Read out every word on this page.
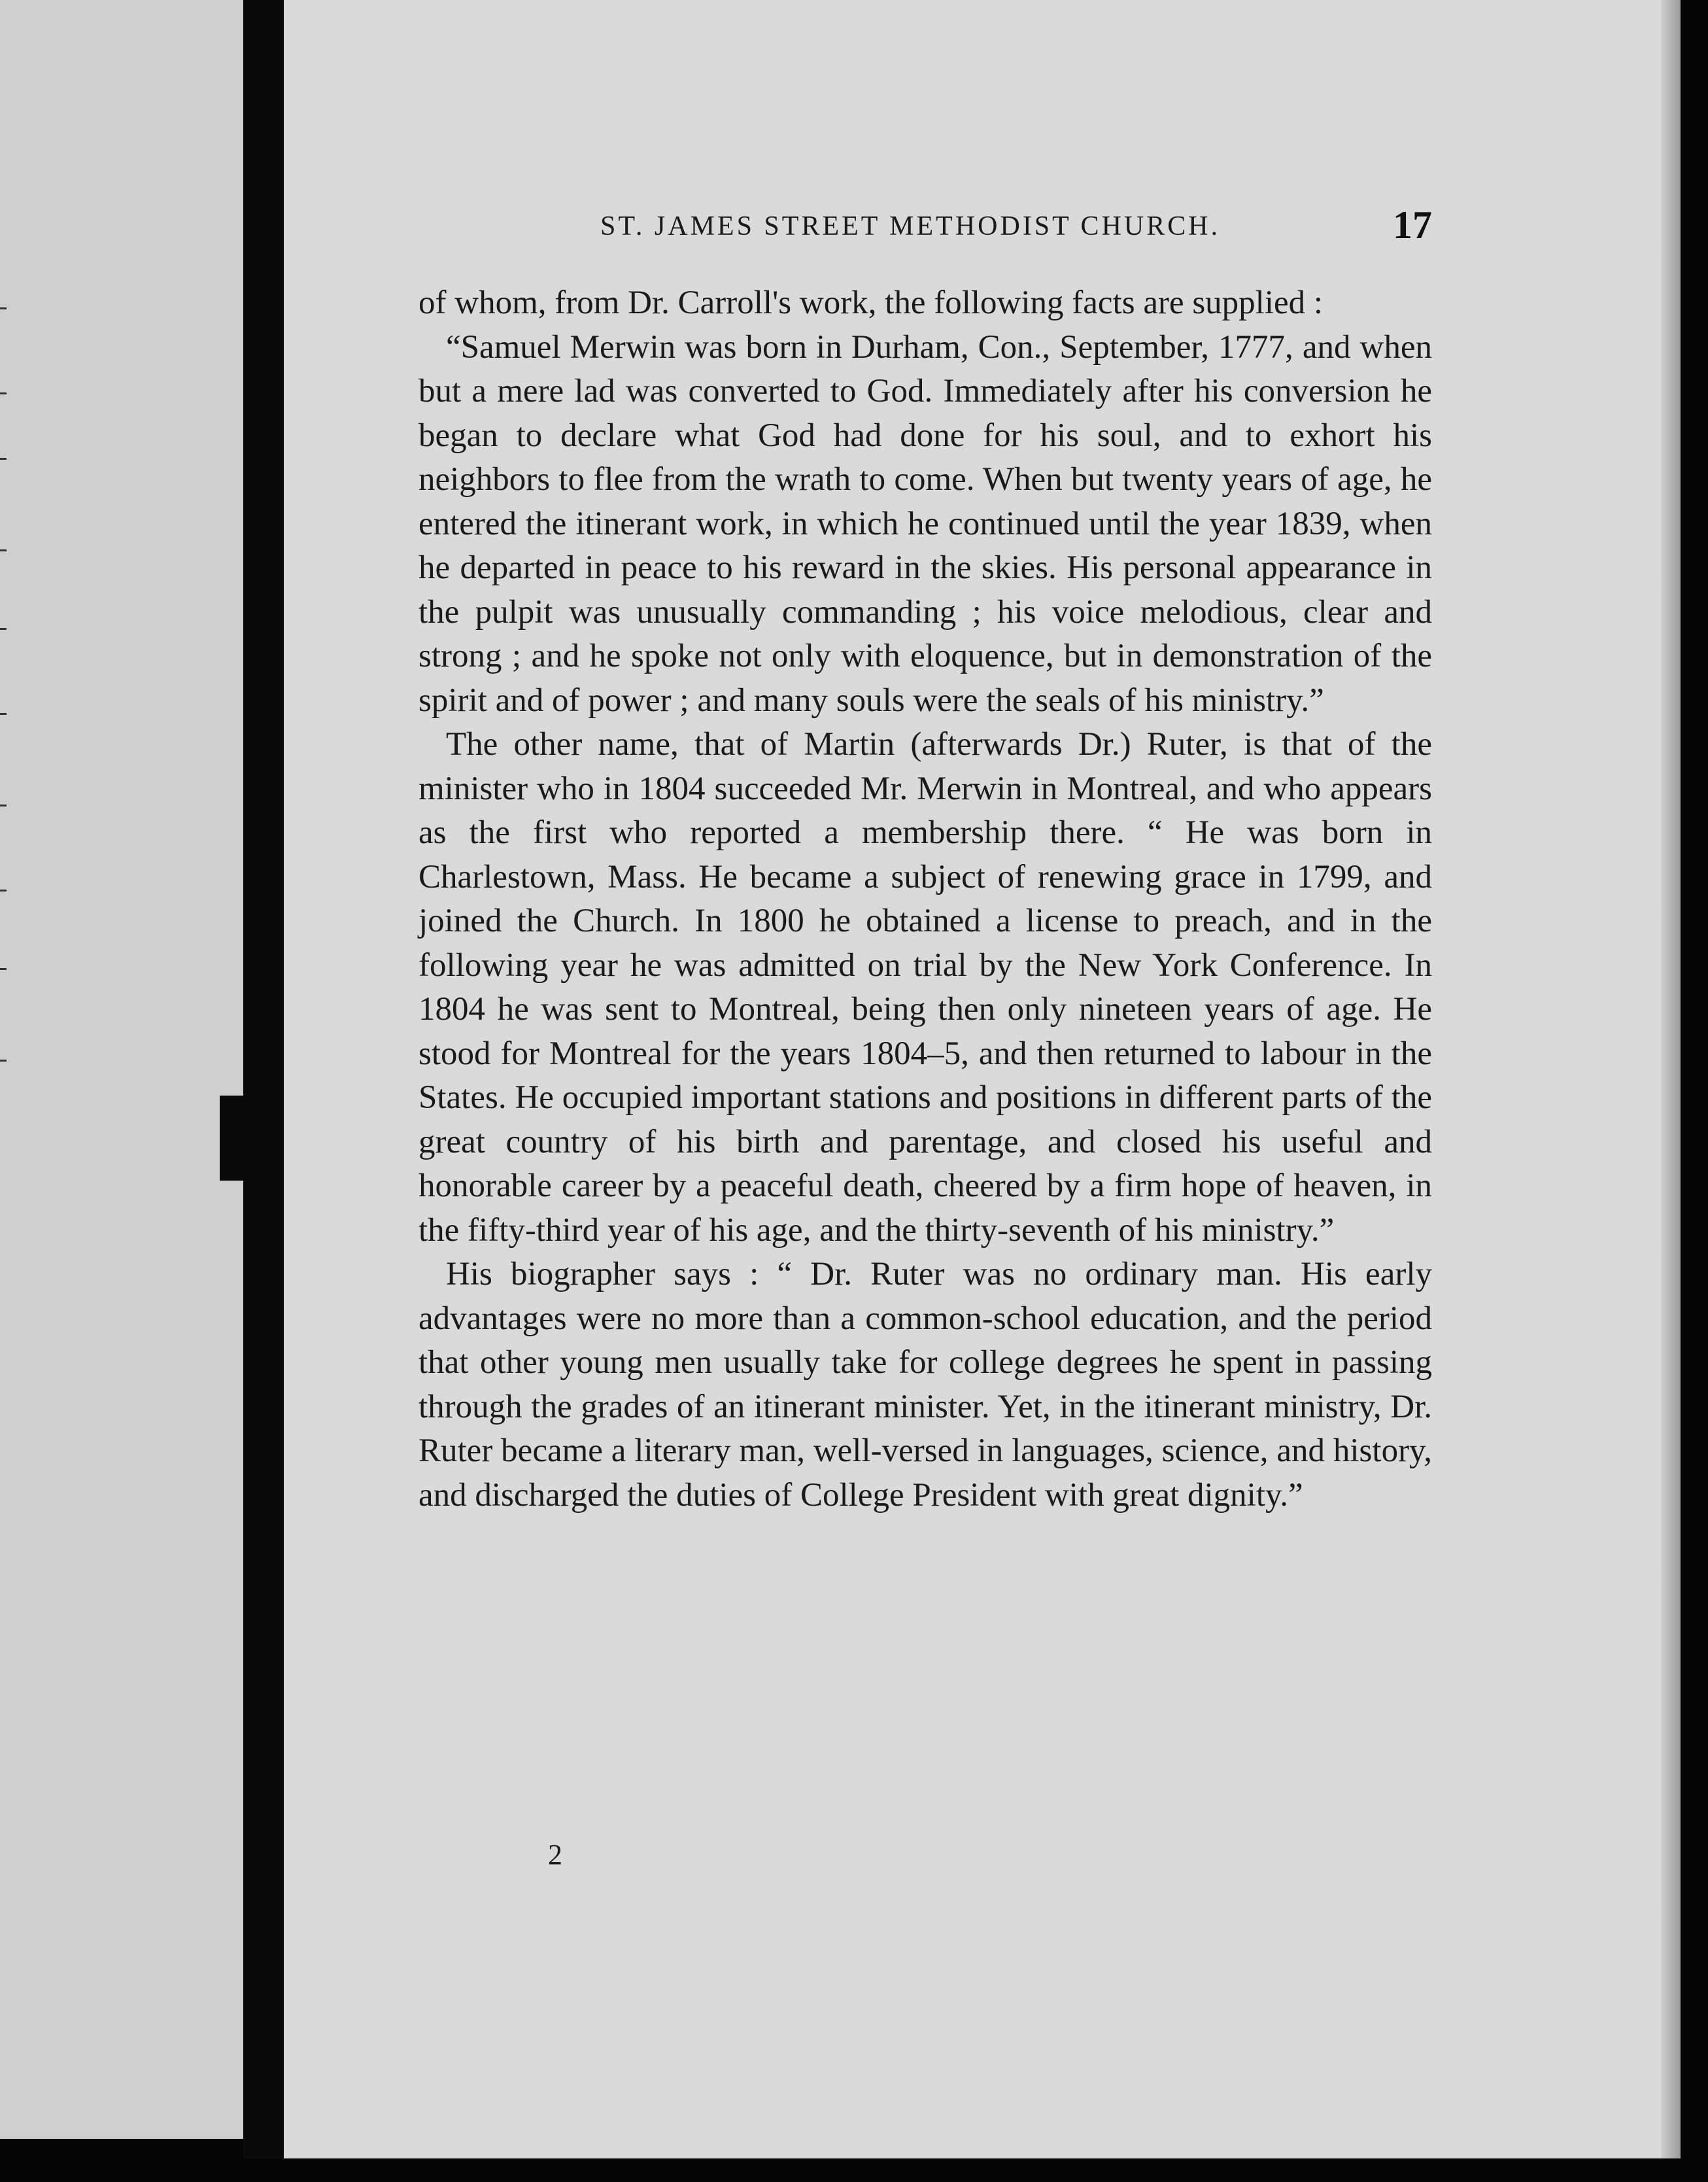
ST. JAMES STREET METHODIST CHURCH.	17

of whom, from Dr. Carroll's work, the following facts are supplied :

“Samuel Merwin was born in Durham, Con., September, 1777, and when but a mere lad was converted to God. Immediately after his conversion he began to declare what God had done for his soul, and to exhort his neighbors to flee from the wrath to come. When but twenty years of age, he entered the itinerant work, in which he continued until the year 1839, when he departed in peace to his reward in the skies. His personal appearance in the pulpit was unusually commanding ; his voice melodious, clear and strong ; and he spoke not only with eloquence, but in demonstration of the spirit and of power ; and many souls were the seals of his ministry.”

The other name, that of Martin (afterwards Dr.) Ruter, is that of the minister who in 1804 succeeded Mr. Merwin in Montreal, and who appears as the first who reported a membership there. “ He was born in Charlestown, Mass. He became a subject of renewing grace in 1799, and joined the Church. In 1800 he obtained a license to preach, and in the following year he was admitted on trial by the New York Conference. In 1804 he was sent to Montreal, being then only nineteen years of age. He stood for Montreal for the years 1804–5, and then returned to labour in the States. He occupied important stations and positions in different parts of the great country of his birth and parentage, and closed his useful and honorable career by a peaceful death, cheered by a firm hope of heaven, in the fifty-third year of his age, and the thirty-seventh of his ministry.”

His biographer says : “ Dr. Ruter was no ordinary man. His early advantages were no more than a common-school education, and the period that other young men usually take for college degrees he spent in passing through the grades of an itinerant minister. Yet, in the itinerant ministry, Dr. Ruter became a literary man, well-versed in languages, science, and history, and discharged the duties of College President with great dignity.”

2
